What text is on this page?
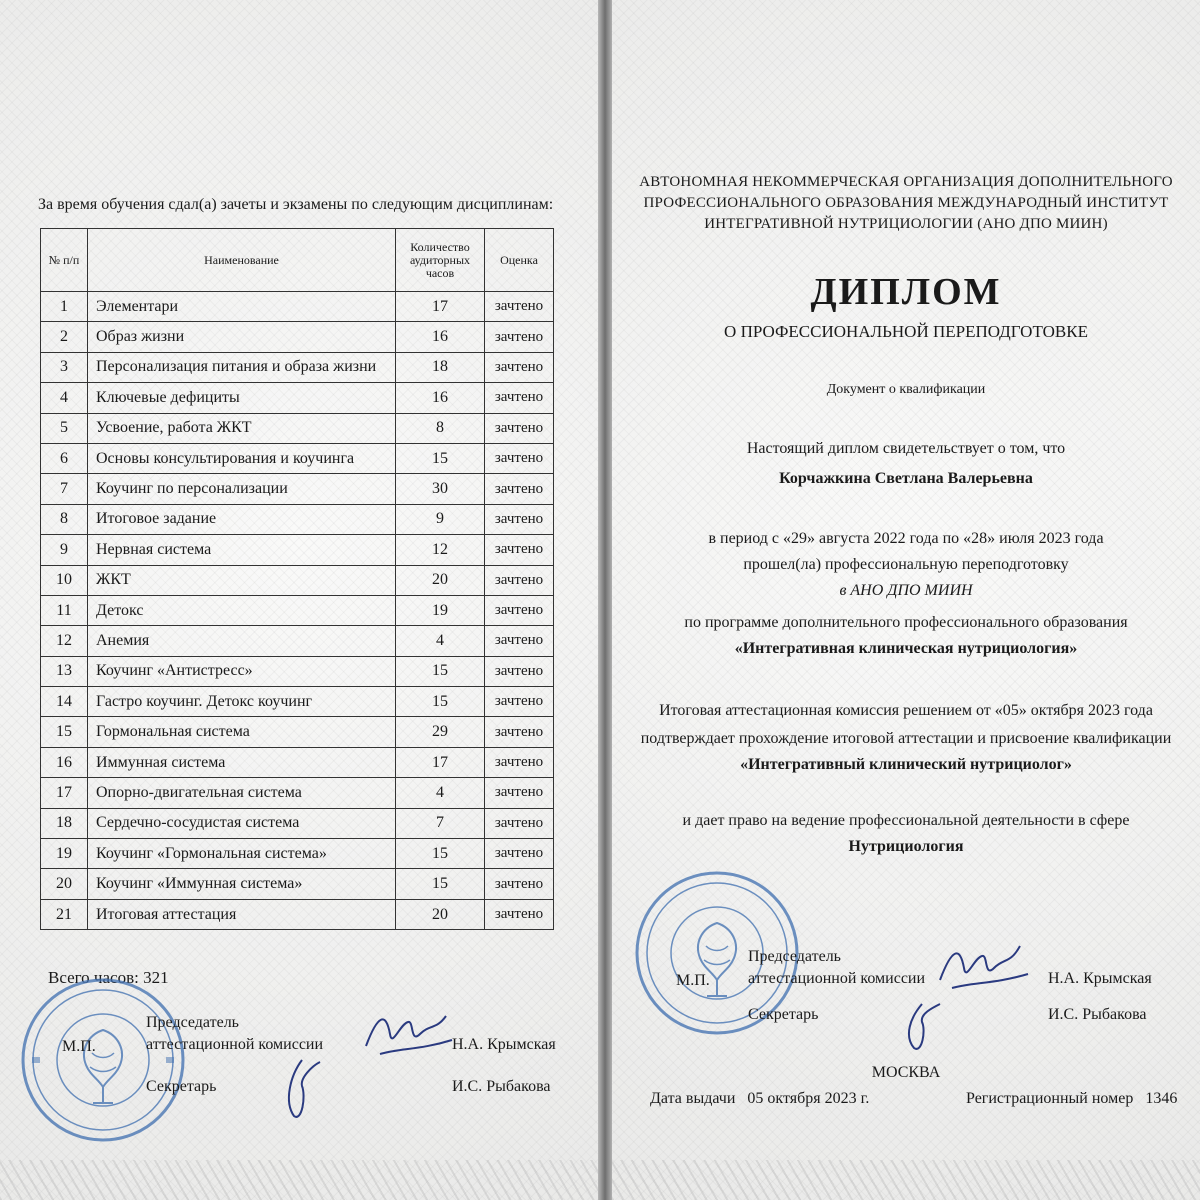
За время обучения сдал(а) зачеты и экзамены по следующим дисциплинам:
№ п/п	Наименование	Количество аудиторных часов	Оценка
1	Элементари	17	зачтено
2	Образ жизни	16	зачтено
3	Персонализация питания и образа жизни	18	зачтено
4	Ключевые дефициты	16	зачтено
5	Усвоение, работа ЖКТ	8	зачтено
6	Основы консультирования и коучинга	15	зачтено
7	Коучинг по персонализации	30	зачтено
8	Итоговое задание	9	зачтено
9	Нервная система	12	зачтено
10	ЖКТ	20	зачтено
11	Детокс	19	зачтено
12	Анемия	4	зачтено
13	Коучинг «Антистресс»	15	зачтено
14	Гастро коучинг. Детокс коучинг	15	зачтено
15	Гормональная система	29	зачтено
16	Иммунная система	17	зачтено
17	Опорно-двигательная система	4	зачтено
18	Сердечно-сосудистая система	7	зачтено
19	Коучинг «Гормональная система»	15	зачтено
20	Коучинг «Иммунная система»	15	зачтено
21	Итоговая аттестация	20	зачтено
Всего часов: 321
М.П.
Председатель
аттестационной комиссии	Н.А. Крымская
Секретарь	И.С. Рыбакова
АВТОНОМНАЯ НЕКОММЕРЧЕСКАЯ ОРГАНИЗАЦИЯ ДОПОЛНИТЕЛЬНОГО
ПРОФЕССИОНАЛЬНОГО ОБРАЗОВАНИЯ МЕЖДУНАРОДНЫЙ ИНСТИТУТ
ИНТЕГРАТИВНОЙ НУТРИЦИОЛОГИИ (АНО ДПО МИИН)
ДИПЛОМ
О ПРОФЕССИОНАЛЬНОЙ ПЕРЕПОДГОТОВКЕ
Документ о квалификации
Настоящий диплом свидетельствует о том, что
Корчажкина Светлана Валерьевна
в период с «29» августа 2022 года по «28» июля 2023 года
прошел(ла) профессиональную переподготовку
в АНО ДПО МИИН
по программе дополнительного профессионального образования
«Интегративная клиническая нутрициология»
Итоговая аттестационная комиссия решением от «05» октября 2023 года
подтверждает прохождение итоговой аттестации и присвоение квалификации
«Интегративный клинический нутрициолог»
и дает право на ведение профессиональной деятельности в сфере
Нутрициология
М.П.
Председатель
аттестационной комиссии	Н.А. Крымская
Секретарь	И.С. Рыбакова
МОСКВА
Дата выдачи   05 октября 2023 г.	Регистрационный номер   1346
